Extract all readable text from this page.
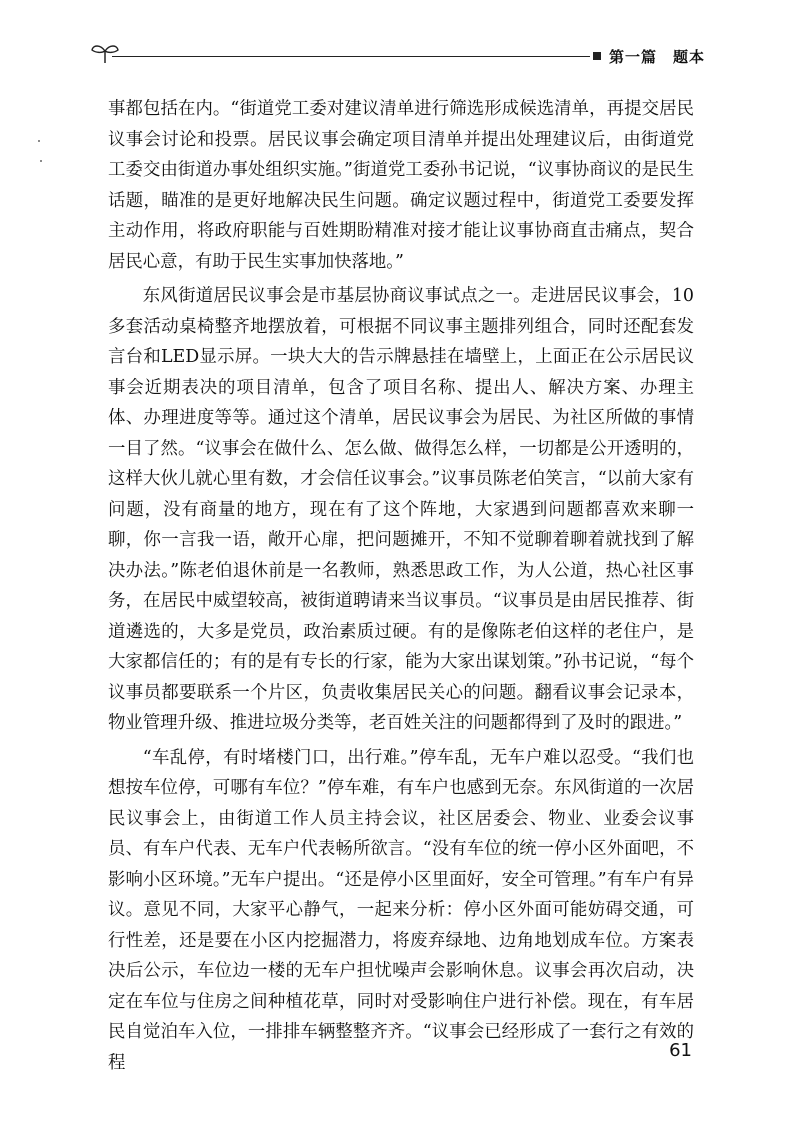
第一篇　题本

事都包括在内。“街道党工委对建议清单进行筛选形成候选清单，再提交居民议事会讨论和投票。居民议事会确定项目清单并提出处理建议后，由街道党工委交由街道办事处组织实施。”街道党工委孙书记说，“议事协商议的是民生话题，瞄准的是更好地解决民生问题。确定议题过程中，街道党工委要发挥主动作用，将政府职能与百姓期盼精准对接才能让议事协商直击痛点，契合居民心意，有助于民生实事加快落地。”

东风街道居民议事会是市基层协商议事试点之一。走进居民议事会，10多套活动桌椅整齐地摆放着，可根据不同议事主题排列组合，同时还配套发言台和LED显示屏。一块大大的告示牌悬挂在墙壁上，上面正在公示居民议事会近期表决的项目清单，包含了项目名称、提出人、解决方案、办理主体、办理进度等等。通过这个清单，居民议事会为居民、为社区所做的事情一目了然。“议事会在做什么、怎么做、做得怎么样，一切都是公开透明的，这样大伙儿就心里有数，才会信任议事会。”议事员陈老伯笑言，“以前大家有问题，没有商量的地方，现在有了这个阵地，大家遇到问题都喜欢来聊一聊，你一言我一语，敞开心扉，把问题摊开，不知不觉聊着聊着就找到了解决办法。”陈老伯退休前是一名教师，熟悉思政工作，为人公道，热心社区事务，在居民中威望较高，被街道聘请来当议事员。“议事员是由居民推荐、街道遴选的，大多是党员，政治素质过硬。有的是像陈老伯这样的老住户，是大家都信任的；有的是有专长的行家，能为大家出谋划策。”孙书记说，“每个议事员都要联系一个片区，负责收集居民关心的问题。翻看议事会记录本，物业管理升级、推进垃圾分类等，老百姓关注的问题都得到了及时的跟进。”

“车乱停，有时堵楼门口，出行难。”停车乱，无车户难以忍受。“我们也想按车位停，可哪有车位？”停车难，有车户也感到无奈。东风街道的一次居民议事会上，由街道工作人员主持会议，社区居委会、物业、业委会议事员、有车户代表、无车户代表畅所欲言。“没有车位的统一停小区外面吧，不影响小区环境。”无车户提出。“还是停小区里面好，安全可管理。”有车户有异议。意见不同，大家平心静气，一起来分析：停小区外面可能妨碍交通，可行性差，还是要在小区内挖掘潜力，将废弃绿地、边角地划成车位。方案表决后公示，车位边一楼的无车户担忧噪声会影响休息。议事会再次启动，决定在车位与住房之间种植花草，同时对受影响住户进行补偿。现在，有车居民自觉泊车入位，一排排车辆整整齐齐。“议事会已经形成了一套行之有效的程

61
